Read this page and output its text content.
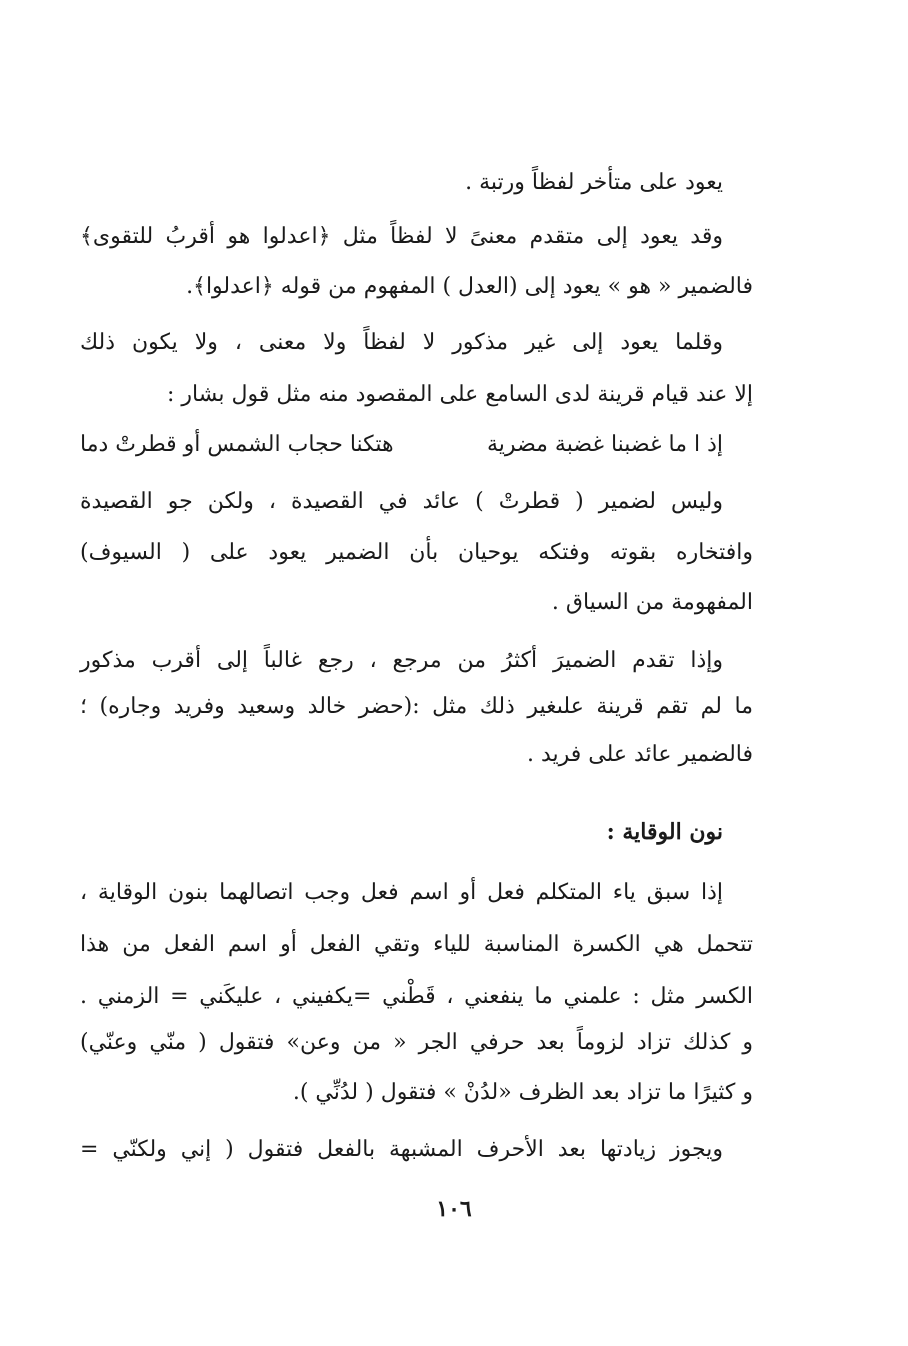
يعود على متأخر لفظاً ورتبة .
وقد يعود إلى متقدم معنىً لا لفظاً مثل ﴿اعدلوا هو أقربُ للتقوى﴾
فالضمير « هو » يعود إلى (العدل ) المفهوم من قوله ﴿اعدلوا﴾.
وقلما يعود إلى غير مذكور لا لفظاً ولا معنى ، ولا يكون ذلك
إلا عند قيام قرينة لدى السامع على المقصود منه مثل قول بشار :
إذ ا ما غضبنا غضبة مضرية
هتكنا حجاب الشمس أو قطرتْ دما
وليس لضمير ( قطرتْ ) عائد في القصيدة ، ولكن جو القصيدة
وافتخاره بقوته وفتكه يوحيان بأن الضمير يعود على ( السيوف)
المفهومة من السياق .
وإذا تقدم الضميرَ أكثرُ من مرجع ، رجع غالباً إلى أقرب مذكور
ما لم تقم قرينة علىغير ذلك مثل :(حضر خالد وسعيد وفريد وجاره) ؛
فالضمير عائد على فريد .
نون الوقاية :
إذا سبق ياء المتكلم فعل أو اسم فعل وجب اتصالهما بنون الوقاية ،
تتحمل هي الكسرة المناسبة للياء وتقي الفعل أو اسم الفعل من هذا
الكسر مثل : علمني ما ينفعني ، قَطْني =يكفيني ، عليكَني = الزمني .
و كذلك تزاد لزوماً بعد حرفي الجر « من وعن» فتقول ( منّي وعنّي)
و كثيرًا ما تزاد بعد الظرف «لدُنْ » فتقول ( لدُنِّي ).
ويجوز زيادتها بعد الأحرف المشبهة بالفعل فتقول ( إني ولكنّي =
١٠٦
